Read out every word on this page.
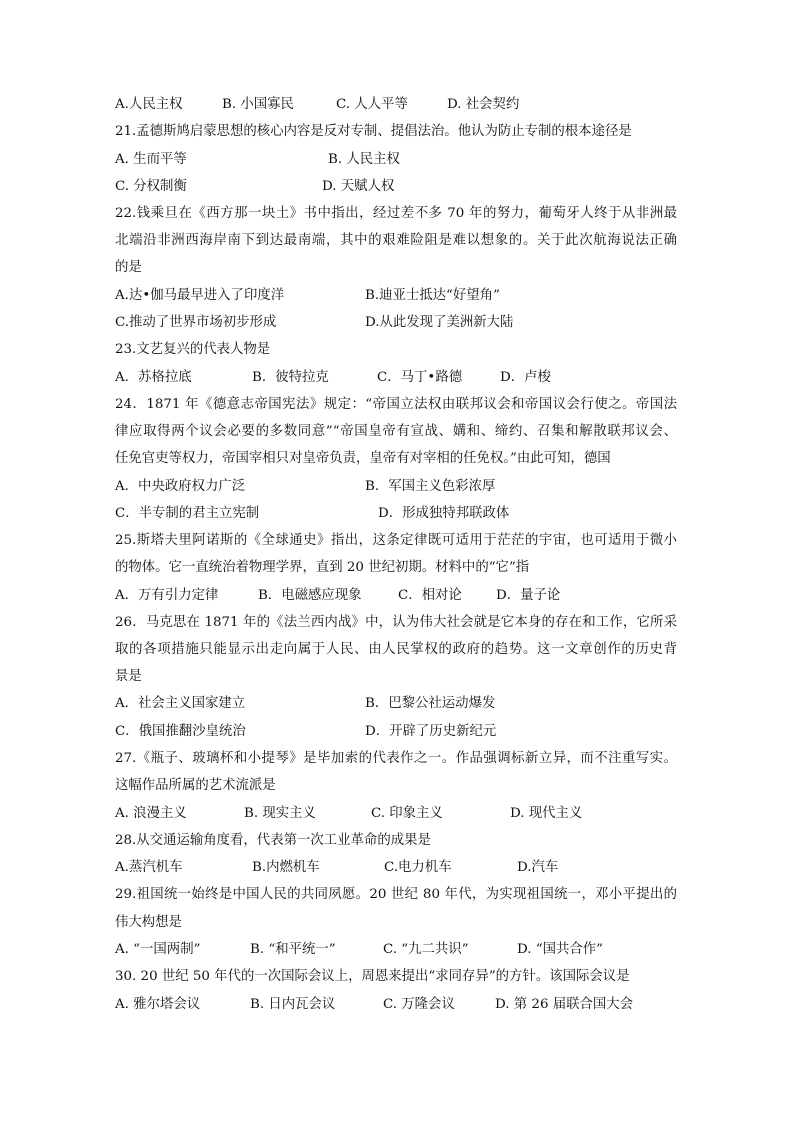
A.人民主权	B. 小国寡民	C. 人人平等	D. 社会契约
21.孟德斯鸠启蒙思想的核心内容是反对专制、提倡法治。他认为防止专制的根本途径是
A. 生而平等	B. 人民主权
C. 分权制衡	D. 天赋人权
22.钱乘旦在《西方那一块土》书中指出，经过差不多 70 年的努力，葡萄牙人终于从非洲最
北端沿非洲西海岸南下到达最南端，其中的艰难险阻是难以想象的。关于此次航海说法正确
的是
A.达•伽马最早进入了印度洋	B.迪亚士抵达“好望角”
C.推动了世界市场初步形成	D.从此发现了美洲新大陆
23.文艺复兴的代表人物是
A．苏格拉底	B．彼特拉克	C．马丁•路德	D．卢梭
24．1871 年《德意志帝国宪法》规定：“帝国立法权由联邦议会和帝国议会行使之。帝国法
律应取得两个议会必要的多数同意”“帝国皇帝有宣战、媾和、缔约、召集和解散联邦议会、
任免官吏等权力，帝国宰相只对皇帝负责，皇帝有对宰相的任免权。”由此可知，德国
A．中央政府权力广泛	B．军国主义色彩浓厚
C．半专制的君主立宪制	D．形成独特邦联政体
25.斯塔夫里阿诺斯的《全球通史》指出，这条定律既可适用于茫茫的宇宙，也可适用于微小
的物体。它一直统治着物理学界，直到 20 世纪初期。材料中的“它”指
A．万有引力定律	B．电磁感应现象	C．相对论	D．量子论
26．马克思在 1871 年的《法兰西内战》中，认为伟大社会就是它本身的存在和工作，它所采
取的各项措施只能显示出走向属于人民、由人民掌权的政府的趋势。这一文章创作的历史背
景是
A．社会主义国家建立	B．巴黎公社运动爆发
C．俄国推翻沙皇统治	D．开辟了历史新纪元
27.《瓶子、玻璃杯和小提琴》是毕加索的代表作之一。作品强调标新立异，而不注重写实。
这幅作品所属的艺术流派是
A. 浪漫主义	B. 现实主义	C. 印象主义	D. 现代主义
28.从交通运输角度看，代表第一次工业革命的成果是
A.蒸汽机车	B.内燃机车	C.电力机车	D.汽车
29.祖国统一始终是中国人民的共同夙愿。20 世纪 80 年代，为实现祖国统一，邓小平提出的
伟大构想是
A. “一国两制”	B. “和平统一”	C. “九二共识”	D. “国共合作”
30. 20 世纪 50 年代的一次国际会议上，周恩来提出“求同存异”的方针。该国际会议是
A. 雅尔塔会议	B. 日内瓦会议	C. 万隆会议	D. 第 26 届联合国大会
